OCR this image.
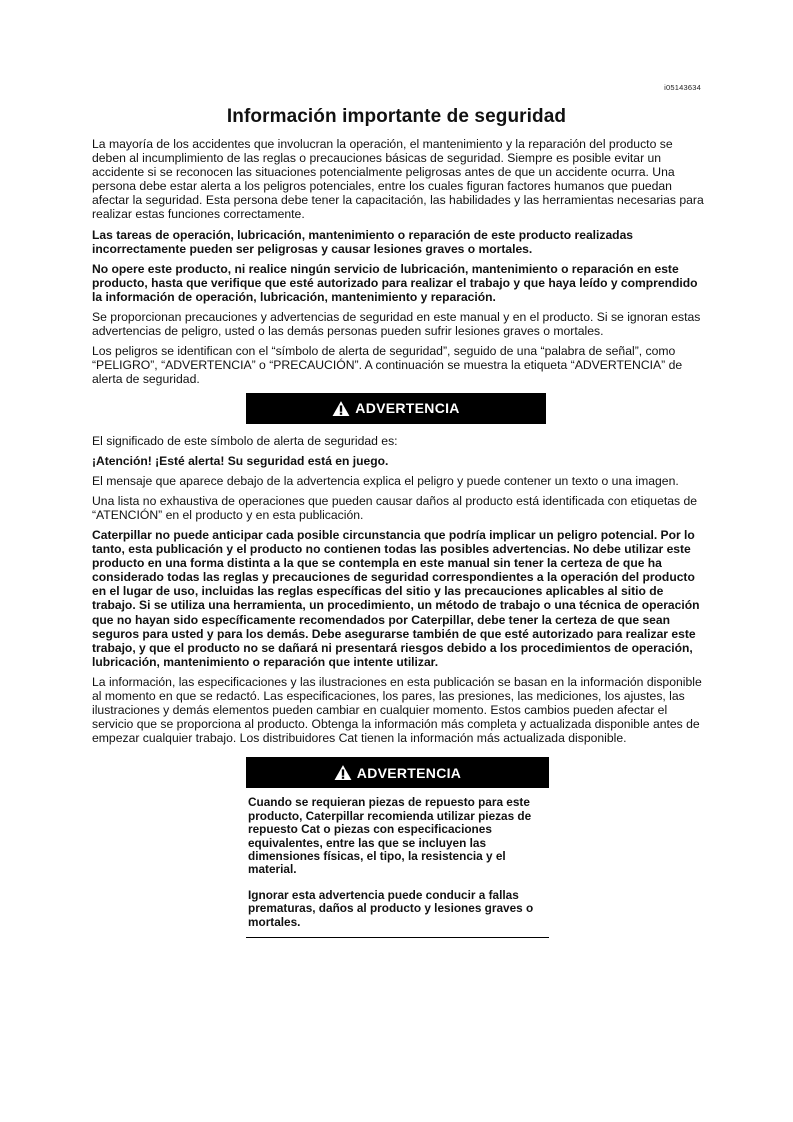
i05143634
Información importante de seguridad

La mayoría de los accidentes que involucran la operación, el mantenimiento y la reparación del producto se deben al incumplimiento de las reglas o precauciones básicas de seguridad. Siempre es posible evitar un accidente si se reconocen las situaciones potencialmente peligrosas antes de que un accidente ocurra. Una persona debe estar alerta a los peligros potenciales, entre los cuales figuran factores humanos que puedan afectar la seguridad. Esta persona debe tener la capacitación, las habilidades y las herramientas necesarias para realizar estas funciones correctamente.

Las tareas de operación, lubricación, mantenimiento o reparación de este producto realizadas incorrectamente pueden ser peligrosas y causar lesiones graves o mortales.

No opere este producto, ni realice ningún servicio de lubricación, mantenimiento o reparación en este producto, hasta que verifique que esté autorizado para realizar el trabajo y que haya leído y comprendido la información de operación, lubricación, mantenimiento y reparación.

Se proporcionan precauciones y advertencias de seguridad en este manual y en el producto. Si se ignoran estas advertencias de peligro, usted o las demás personas pueden sufrir lesiones graves o mortales.

Los peligros se identifican con el “símbolo de alerta de seguridad”, seguido de una “palabra de señal”, como “PELIGRO”, “ADVERTENCIA” o “PRECAUCIÓN”. A continuación se muestra la etiqueta “ADVERTENCIA” de alerta de seguridad.

ADVERTENCIA

El significado de este símbolo de alerta de seguridad es:

¡Atención! ¡Esté alerta! Su seguridad está en juego.

El mensaje que aparece debajo de la advertencia explica el peligro y puede contener un texto o una imagen.

Una lista no exhaustiva de operaciones que pueden causar daños al producto está identificada con etiquetas de “ATENCIÓN” en el producto y en esta publicación.

Caterpillar no puede anticipar cada posible circunstancia que podría implicar un peligro potencial. Por lo tanto, esta publicación y el producto no contienen todas las posibles advertencias. No debe utilizar este producto en una forma distinta a la que se contempla en este manual sin tener la certeza de que ha considerado todas las reglas y precauciones de seguridad correspondientes a la operación del producto en el lugar de uso, incluidas las reglas específicas del sitio y las precauciones aplicables al sitio de trabajo. Si se utiliza una herramienta, un procedimiento, un método de trabajo o una técnica de operación que no hayan sido específicamente recomendados por Caterpillar, debe tener la certeza de que sean seguros para usted y para los demás. Debe asegurarse también de que esté autorizado para realizar este trabajo, y que el producto no se dañará ni presentará riesgos debido a los procedimientos de operación, lubricación, mantenimiento o reparación que intente utilizar.

La información, las especificaciones y las ilustraciones en esta publicación se basan en la información disponible al momento en que se redactó. Las especificaciones, los pares, las presiones, las mediciones, los ajustes, las ilustraciones y demás elementos pueden cambiar en cualquier momento. Estos cambios pueden afectar el servicio que se proporciona al producto. Obtenga la información más completa y actualizada disponible antes de empezar cualquier trabajo. Los distribuidores Cat tienen la información más actualizada disponible.

ADVERTENCIA

Cuando se requieran piezas de repuesto para este producto, Caterpillar recomienda utilizar piezas de repuesto Cat o piezas con especificaciones equivalentes, entre las que se incluyen las dimensiones físicas, el tipo, la resistencia y el material.

Ignorar esta advertencia puede conducir a fallas prematuras, daños al producto y lesiones graves o mortales.
